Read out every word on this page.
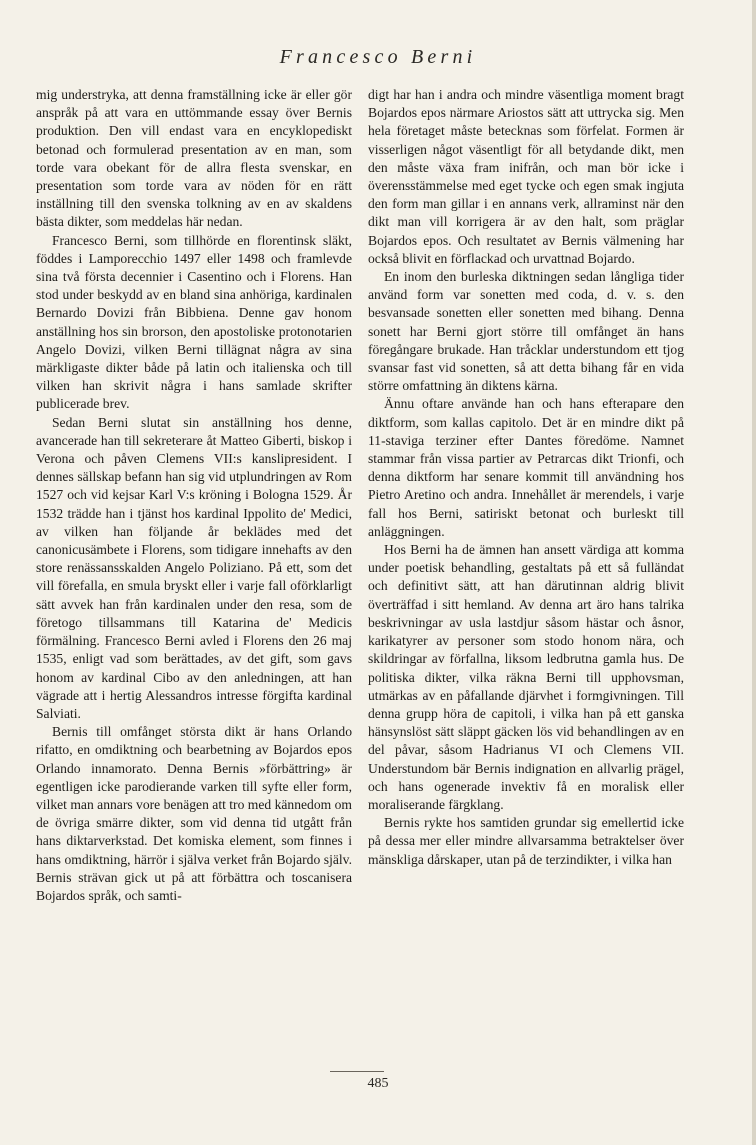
Francesco Berni

mig understryka, att denna framställning icke är eller gör anspråk på att vara en uttömmande essay över Bernis produktion. Den vill endast vara en encyklopediskt betonad och formulerad presentation av en man, som torde vara obekant för de allra flesta svenskar, en presentation som torde vara av nöden för en rätt inställning till den svenska tolkning av en av skaldens bästa dikter, som meddelas här nedan.

Francesco Berni, som tillhörde en florentinsk släkt, föddes i Lamporecchio 1497 eller 1498 och framlevde sina två första decennier i Casentino och i Florens. Han stod under beskydd av en bland sina anhöriga, kardinalen Bernardo Dovizi från Bibbiena. Denne gav honom anställning hos sin brorson, den apostoliske protonotarien Angelo Dovizi, vilken Berni tillägnat några av sina märkligaste dikter både på latin och italienska och till vilken han skrivit några i hans samlade skrifter publicerade brev.

Sedan Berni slutat sin anställning hos denne, avancerade han till sekreterare åt Matteo Giberti, biskop i Verona och påven Clemens VII:s kanslipresident. I dennes sällskap befann han sig vid utplundringen av Rom 1527 och vid kejsar Karl V:s kröning i Bologna 1529. År 1532 trädde han i tjänst hos kardinal Ippolito de' Medici, av vilken han följande år beklädes med det canonicusämbete i Florens, som tidigare innehafts av den store renässansskalden Angelo Poliziano. På ett, som det vill förefalla, en smula bryskt eller i varje fall oförklarligt sätt avvek han från kardinalen under den resa, som de företogo tillsammans till Katarina de' Medicis förmälning. Francesco Berni avled i Florens den 26 maj 1535, enligt vad som berättades, av det gift, som gavs honom av kardinal Cibo av den anledningen, att han vägrade att i hertig Alessandros intresse förgifta kardinal Salviati.

Bernis till omfånget största dikt är hans Orlando rifatto, en omdiktning och bearbetning av Bojardos epos Orlando innamorato. Denna Bernis »förbättring» är egentligen icke parodierande varken till syfte eller form, vilket man annars vore benägen att tro med kännedom om de övriga smärre dikter, som vid denna tid utgått från hans diktarverkstad. Det komiska element, som finnes i hans omdiktning, härrör i själva verket från Bojardo själv. Bernis strävan gick ut på att förbättra och toscanisera Bojardos språk, och samti-

digt har han i andra och mindre väsentliga moment bragt Bojardos epos närmare Ariostos sätt att uttrycka sig. Men hela företaget måste betecknas som förfelat. Formen är visserligen något väsentligt för all betydande dikt, men den måste växa fram inifrån, och man bör icke i överensstämmelse med eget tycke och egen smak ingjuta den form man gillar i en annans verk, allraminst när den dikt man vill korrigera är av den halt, som präglar Bojardos epos. Och resultatet av Bernis välmening har också blivit en förflackad och urvattnad Bojardo.

En inom den burleska diktningen sedan långliga tider använd form var sonetten med coda, d. v. s. den besvansade sonetten eller sonetten med bihang. Denna sonett har Berni gjort större till omfånget än hans föregångare brukade. Han tråcklar understundom ett tjog svansar fast vid sonetten, så att detta bihang får en vida större omfattning än diktens kärna.

Ännu oftare använde han och hans efterapare den diktform, som kallas capitolo. Det är en mindre dikt på 11-staviga terziner efter Dantes föredöme. Namnet stammar från vissa partier av Petrarcas dikt Trionfi, och denna diktform har senare kommit till användning hos Pietro Aretino och andra. Innehållet är merendels, i varje fall hos Berni, satiriskt betonat och burleskt till anläggningen.

Hos Berni ha de ämnen han ansett värdiga att komma under poetisk behandling, gestaltats på ett så fulländat och definitivt sätt, att han därutinnan aldrig blivit överträffad i sitt hemland. Av denna art äro hans talrika beskrivningar av usla lastdjur såsom hästar och åsnor, karikatyrer av personer som stodo honom nära, och skildringar av förfallna, liksom ledbrutna gamla hus. De politiska dikter, vilka räkna Berni till upphovsman, utmärkas av en påfallande djärvhet i formgivningen. Till denna grupp höra de capitoli, i vilka han på ett ganska hänsynslöst sätt släppt gäcken lös vid behandlingen av en del påvar, såsom Hadrianus VI och Clemens VII. Understundom bär Bernis indignation en allvarlig prägel, och hans ogenerade invektiv få en moralisk eller moraliserande färgklang.

Bernis rykte hos samtiden grundar sig emellertid icke på dessa mer eller mindre allvarsamma betraktelser över mänskliga dårskaper, utan på de terzindikter, i vilka han

485
